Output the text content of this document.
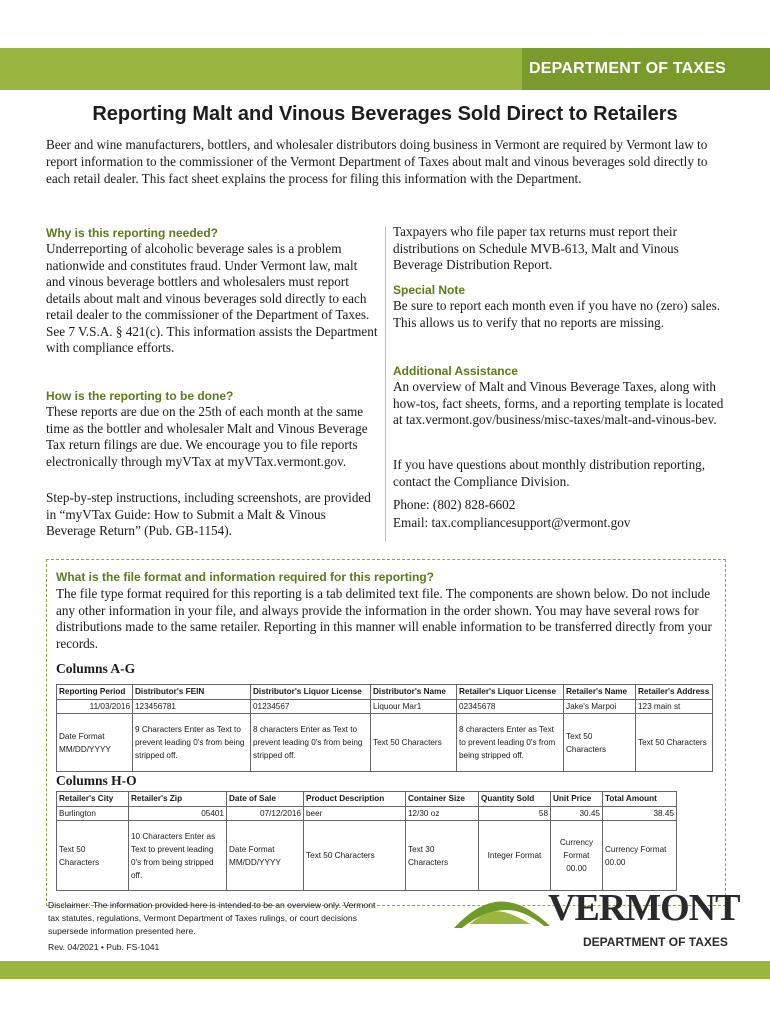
DEPARTMENT OF TAXES
Reporting Malt and Vinous Beverages Sold Direct to Retailers
Beer and wine manufacturers, bottlers, and wholesaler distributors doing business in Vermont are required by Vermont law to report information to the commissioner of the Vermont Department of Taxes about malt and vinous beverages sold directly to each retail dealer. This fact sheet explains the process for filing this information with the Department.
Why is this reporting needed?
Underreporting of alcoholic beverage sales is a problem nationwide and constitutes fraud. Under Vermont law, malt and vinous beverage bottlers and wholesalers must report details about malt and vinous beverages sold directly to each retail dealer to the commissioner of the Department of Taxes. See 7 V.S.A. § 421(c). This information assists the Department with compliance efforts.
How is the reporting to be done?
These reports are due on the 25th of each month at the same time as the bottler and wholesaler Malt and Vinous Beverage Tax return filings are due. We encourage you to file reports electronically through myVTax at myVTax.vermont.gov.
Step-by-step instructions, including screenshots, are provided in “myVTax Guide: How to Submit a Malt & Vinous Beverage Return” (Pub. GB-1154).
Taxpayers who file paper tax returns must report their distributions on Schedule MVB-613, Malt and Vinous Beverage Distribution Report.
Special Note
Be sure to report each month even if you have no (zero) sales. This allows us to verify that no reports are missing.
Additional Assistance
An overview of Malt and Vinous Beverage Taxes, along with how-tos, fact sheets, forms, and a reporting template is located at tax.vermont.gov/business/misc-taxes/malt-and-vinous-bev.
If you have questions about monthly distribution reporting, contact the Compliance Division.
Phone: (802) 828-6602
Email: tax.compliancesupport@vermont.gov
What is the file format and information required for this reporting?
The file type format required for this reporting is a tab delimited text file. The components are shown below. Do not include any other information in your file, and always provide the information in the order shown. You may have several rows for distributions made to the same retailer. Reporting in this manner will enable information to be transferred directly from your records.
Columns A-G
Reporting Period	Distributor's FEIN	Distributor's Liquor License	Distributor's Name	Retailer's Liquor License	Retailer's Name	Retailer's Address
11/03/2016	123456781	01234567	Liquour Mar1	02345678	Jake's Marpoi	123 main st
Date Format MM/DD/YYYY	9 Characters Enter as Text to prevent leading 0's from being stripped off.	8 characters Enter as Text to prevent leading 0's from being stripped off.	Text 50 Characters	8 characters Enter as Text to prevent leading 0's from being stripped off.	Text 50 Characters	Text 50 Characters
Columns H-O
Retailer's City	Retailer's Zip	Date of Sale	Product Description	Container Size	Quantity Sold	Unit Price	Total Amount
Burlington	05401	07/12/2016	beer	12/30 oz	58	30.45	38.45
Text 50 Characters	10 Characters Enter as Text to prevent leading 0's from being stripped off.	Date Format MM/DD/YYYY	Text 50 Characters	Text 30 Characters	Integer Format	Currency Format 00.00	Currency Format 00.00
Disclaimer: The information provided here is intended to be an overview only. Vermont tax statutes, regulations, Vermont Department of Taxes rulings, or court decisions supersede information presented here.
Rev. 04/2021 • Pub. FS-1041
VERMONT
DEPARTMENT OF TAXES
